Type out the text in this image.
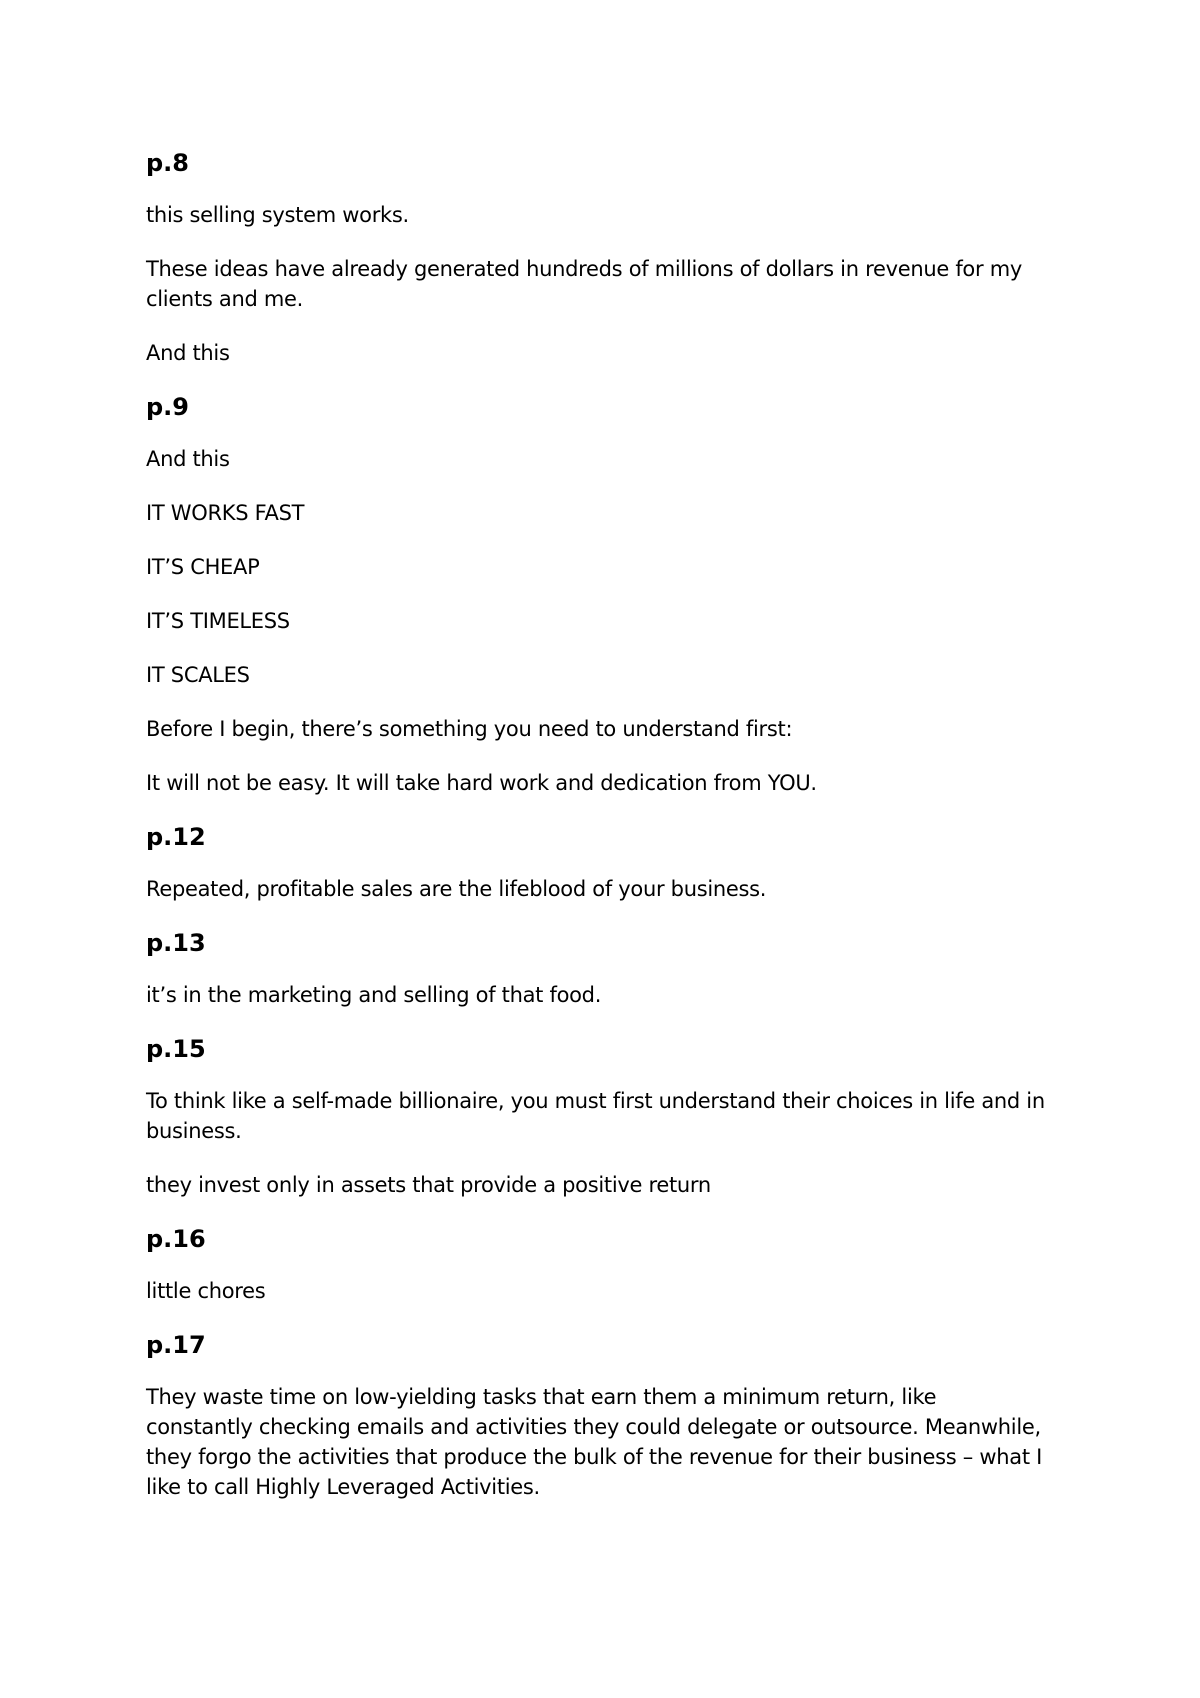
p.8

this selling system works.

These ideas have already generated hundreds of millions of dollars in revenue for my clients and me.

And this

p.9

And this

IT WORKS FAST

IT’S CHEAP

IT’S TIMELESS

IT SCALES

Before I begin, there’s something you need to understand first:

It will not be easy. It will take hard work and dedication from YOU.

p.12

Repeated, profitable sales are the lifeblood of your business.

p.13

it’s in the marketing and selling of that food.

p.15

To think like a self-made billionaire, you must first understand their choices in life and in business.

they invest only in assets that provide a positive return

p.16

little chores

p.17

They waste time on low-yielding tasks that earn them a minimum return, like constantly checking emails and activities they could delegate or outsource. Meanwhile, they forgo the activities that produce the bulk of the revenue for their business – what I like to call Highly Leveraged Activities.
